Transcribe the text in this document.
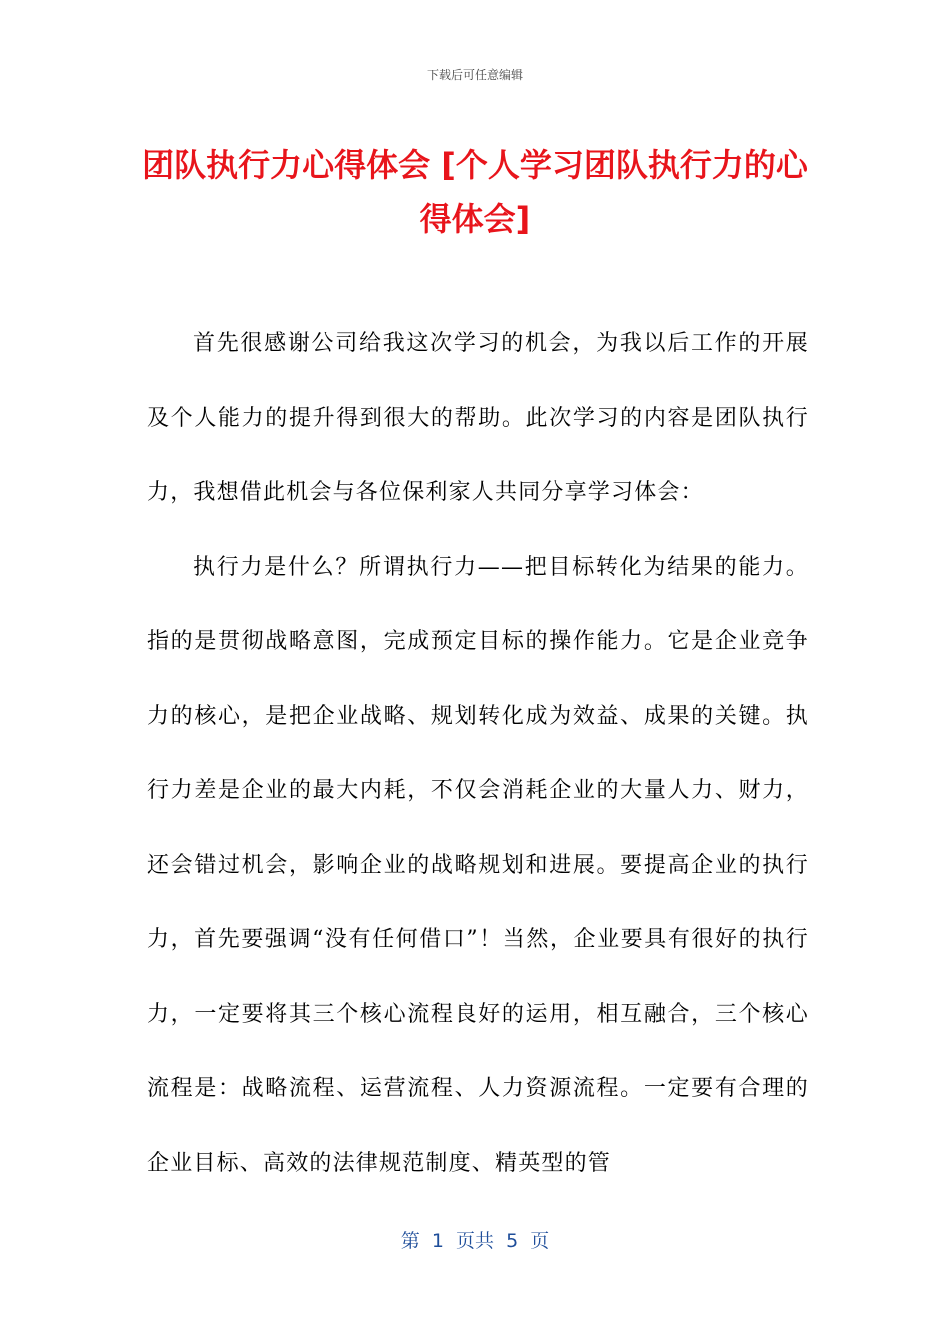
下载后可任意编辑
团队执行力心得体会 [个人学习团队执行力的心得体会]

首先很感谢公司给我这次学习的机会，为我以后工作的开展及个人能力的提升得到很大的帮助。此次学习的内容是团队执行力，我想借此机会与各位保利家人共同分享学习体会：

执行力是什么？所谓执行力——把目标转化为结果的能力。指的是贯彻战略意图，完成预定目标的操作能力。它是企业竞争力的核心，是把企业战略、规划转化成为效益、成果的关键。执行力差是企业的最大内耗，不仅会消耗企业的大量人力、财力，还会错过机会，影响企业的战略规划和进展。要提高企业的执行力，首先要强调“没有任何借口”！当然，企业要具有很好的执行力，一定要将其三个核心流程良好的运用，相互融合，三个核心流程是：战略流程、运营流程、人力资源流程。一定要有合理的企业目标、高效的法律规范制度、精英型的管

第  1  页共  5  页
